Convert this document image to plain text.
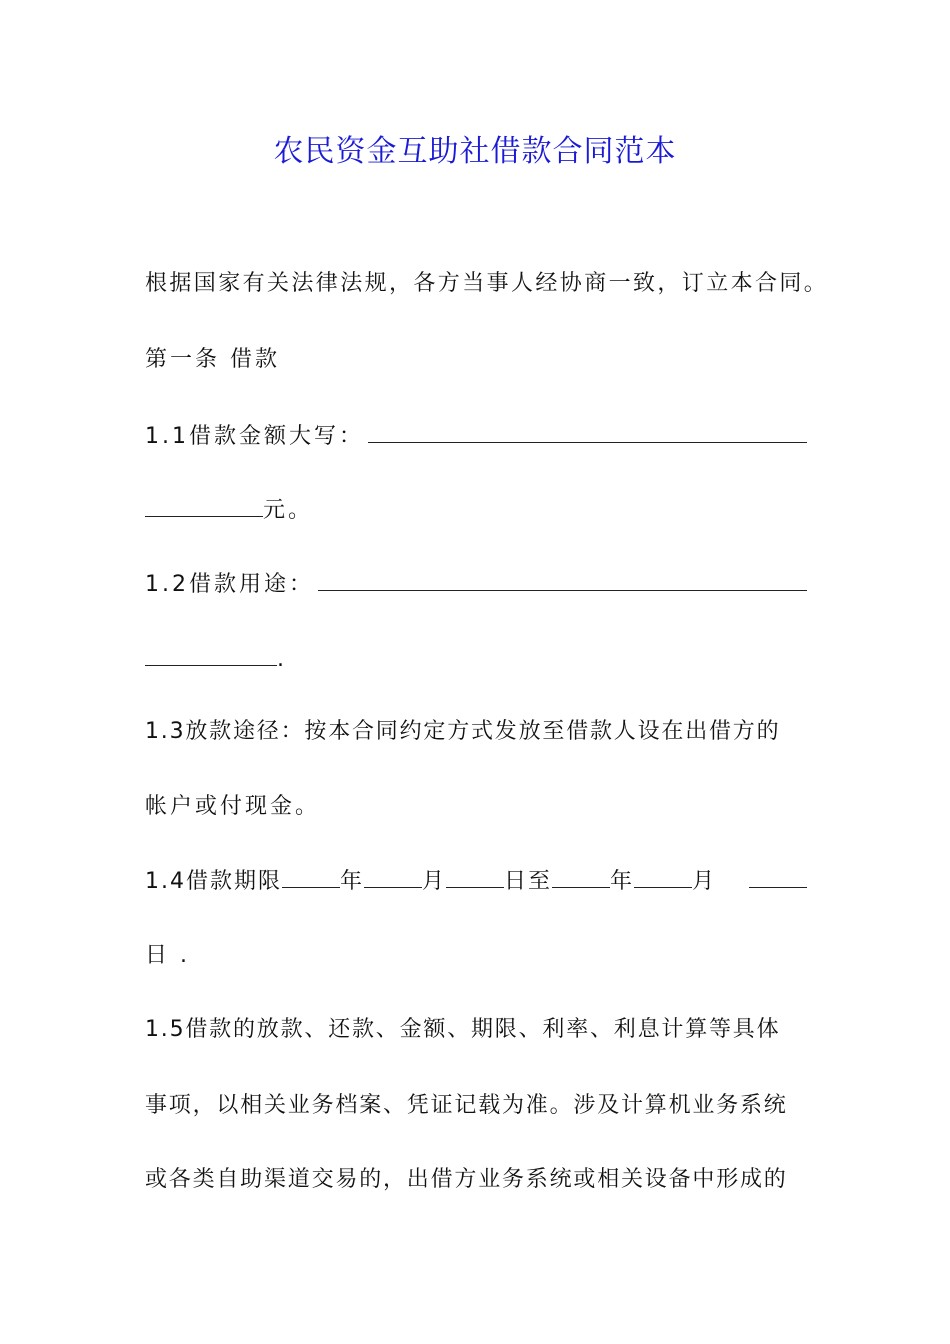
农民资金互助社借款合同范本
根据国家有关法律法规，各方当事人经协商一致，订立本合同。
第一条 借款
1.1借款金额大写：
元。
1.2借款用途：
.
1.3放款途径：按本合同约定方式发放至借款人设在出借方的
帐户或付现金。
1.4借款期限	年	月	日至	年	月
日 .
1.5借款的放款、还款、金额、期限、利率、利息计算等具体
事项，以相关业务档案、凭证记载为准。涉及计算机业务系统
或各类自助渠道交易的，出借方业务系统或相关设备中形成的
